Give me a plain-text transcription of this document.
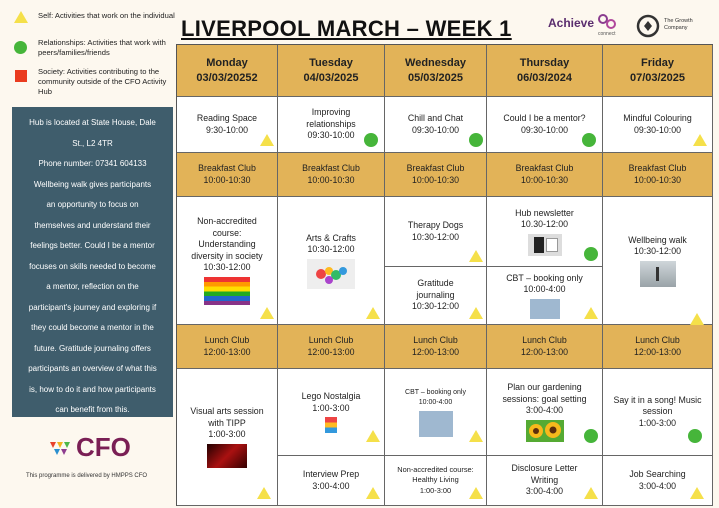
Self: Activities that work on the individual
Relationships: Activities that work with peers/families/friends
Society: Activities contributing to the community outside of the CFO Activity Hub
LIVERPOOL MARCH – WEEK 1	Achieve
connect
The Growth Company
Hub is located at State House, Dale
St., L2 4TR
Phone number: 07341 604133
Wellbeing walk gives participants
an opportunity to focus on
themselves and understand their
feelings better. Could I be a mentor
focuses on skills needed to become
a mentor, reflection on the
participant's journey and exploring if
they could become a mentor in the
future. Gratitude journaling offers
participants an overview of what this
is, how to do it and how participants
can benefit from this.
CFO
This programme is delivered by HMPPS CFO
Monday
03/03/20252
Tuesday
04/03/2025
Wednesday
05/03/2025
Thursday
06/03/2024
Friday
07/03/2025
Reading Space
9:30-10:00
Improving relationships
09:30-10:00
Chill and Chat
09:30-10:00
Could I be a mentor?
09:30-10:00
Mindful Colouring
09:30-10:00
Breakfast Club
10:00-10:30
Breakfast Club
10:00-10:30
Breakfast Club
10:00-10:30
Breakfast Club
10:00-10:30
Breakfast Club
10:00-10:30
Non-accredited course: Understanding diversity in society
10:30-12:00
Arts & Crafts
10:30-12:00
Therapy Dogs
10:30-12:00
Gratitude journaling
10:30-12:00
Hub newsletter
10.30-12:00
CBT – booking only
10:00-4:00
Wellbeing walk
10:30-12:00
Lunch Club
12:00-13:00
Lunch Club
12:00-13:00
Lunch Club
12:00-13:00
Lunch Club
12:00-13:00
Lunch Club
12:00-13:00
Visual arts session with TIPP
1:00-3:00
Lego Nostalgia
1:00-3:00
Interview Prep
3:00-4:00
CBT – booking only
10:00-4:00
Non-accredited course: Healthy Living
1:00-3:00
Plan our gardening sessions: goal setting
3:00-4:00
Disclosure Letter Writing
3:00-4:00
Say it in a song! Music session
1:00-3:00
Job Searching
3:00-4:00
